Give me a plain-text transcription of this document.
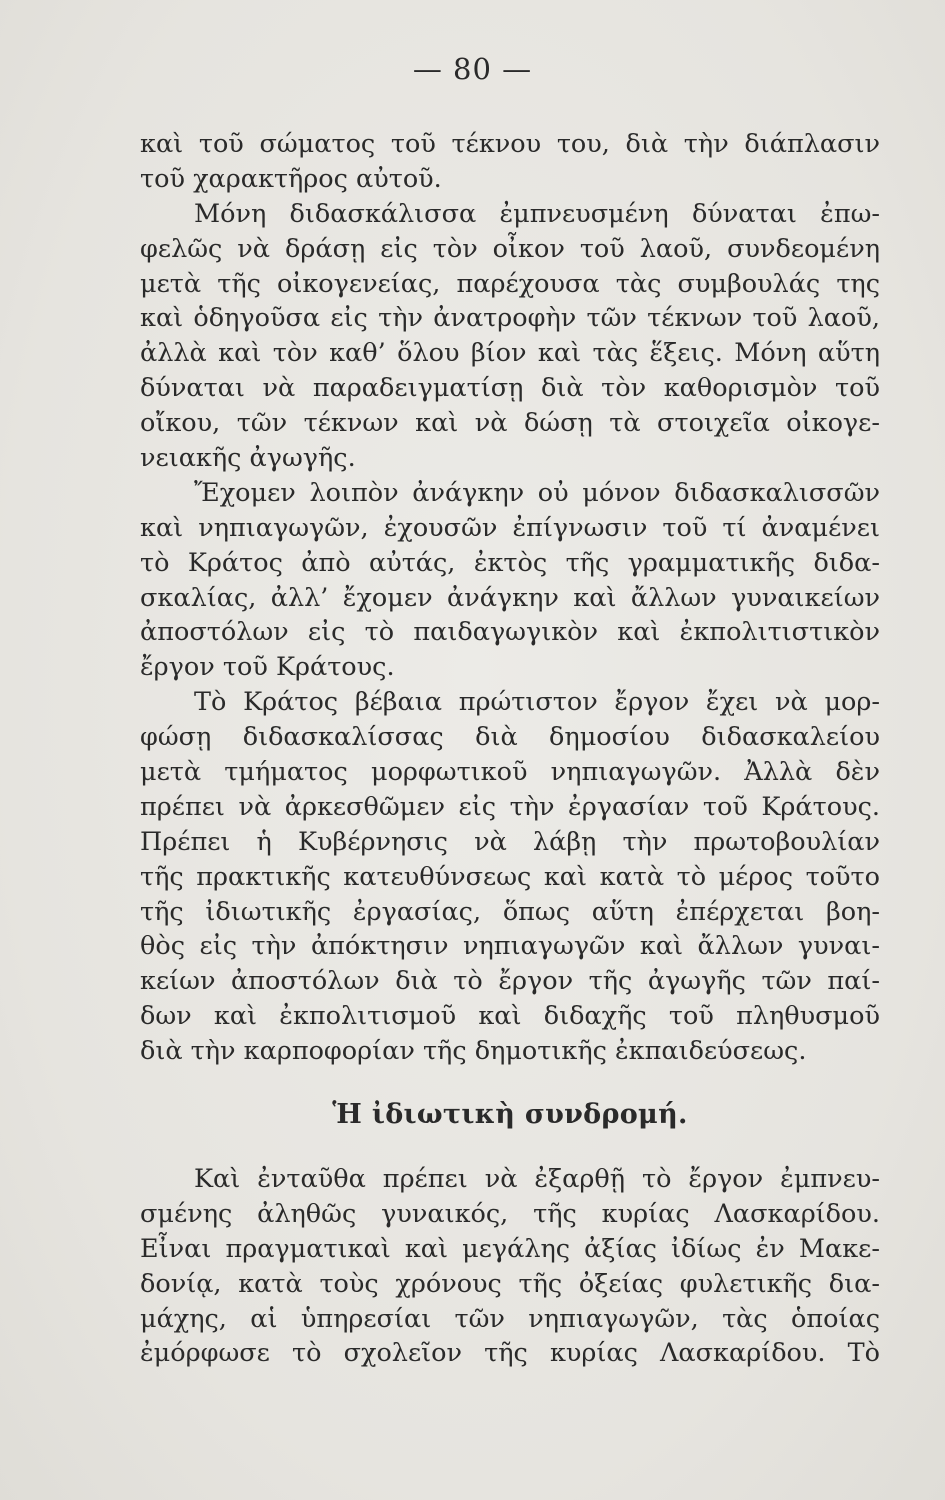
— 80 —
καὶ τοῦ σώματος τοῦ τέκνου του, διὰ τὴν διάπλασιν
τοῦ χαρακτῆρος αὐτοῦ.
Μόνη διδασκάλισσα ἐμπνευσμένη δύναται ἐπω-
φελῶς νὰ δράσῃ εἰς τὸν οἶκον τοῦ λαοῦ, συνδεομένη
μετὰ τῆς οἰκογενείας, παρέχουσα τὰς συμβουλάς της
καὶ ὁδηγοῦσα εἰς τὴν ἀνατροφὴν τῶν τέκνων τοῦ λαοῦ,
ἀλλὰ καὶ τὸν καθ’ ὅλου βίον καὶ τὰς ἕξεις. Μόνη αὕτη
δύναται νὰ παραδειγματίσῃ διὰ τὸν καθορισμὸν τοῦ
οἴκου, τῶν τέκνων καὶ νὰ δώσῃ τὰ στοιχεῖα οἰκογε-
νειακῆς ἀγωγῆς.
Ἔχομεν λοιπὸν ἀνάγκην οὐ μόνον διδασκαλισσῶν
καὶ νηπιαγωγῶν, ἐχουσῶν ἐπίγνωσιν τοῦ τί ἀναμένει
τὸ Κράτος ἀπὸ αὐτάς, ἐκτὸς τῆς γραμματικῆς διδα-
σκαλίας, ἀλλ’ ἔχομεν ἀνάγκην καὶ ἄλλων γυναικείων
ἀποστόλων εἰς τὸ παιδαγωγικὸν καὶ ἐκπολιτιστικὸν
ἔργον τοῦ Κράτους.
Τὸ Κράτος βέβαια πρώτιστον ἔργον ἔχει νὰ μορ-
φώσῃ διδασκαλίσσας διὰ δημοσίου διδασκαλείου
μετὰ τμήματος μορφωτικοῦ νηπιαγωγῶν. Ἀλλὰ δὲν
πρέπει νὰ ἀρκεσθῶμεν εἰς τὴν ἐργασίαν τοῦ Κράτους.
Πρέπει ἡ Κυβέρνησις νὰ λάβῃ τὴν πρωτοβουλίαν
τῆς πρακτικῆς κατευθύνσεως καὶ κατὰ τὸ μέρος τοῦτο
τῆς ἰδιωτικῆς ἐργασίας, ὅπως αὕτη ἐπέρχεται βοη-
θὸς εἰς τὴν ἀπόκτησιν νηπιαγωγῶν καὶ ἄλλων γυναι-
κείων ἀποστόλων διὰ τὸ ἔργον τῆς ἀγωγῆς τῶν παί-
δων καὶ ἐκπολιτισμοῦ καὶ διδαχῆς τοῦ πληθυσμοῦ
διὰ τὴν καρποφορίαν τῆς δημοτικῆς ἐκπαιδεύσεως.
Ἡ ἰδιωτικὴ συνδρομή.
Καὶ ἐνταῦθα πρέπει νὰ ἐξαρθῇ τὸ ἔργον ἐμπνευ-
σμένης ἀληθῶς γυναικός, τῆς κυρίας Λασκαρίδου.
Εἶναι πραγματικαὶ καὶ μεγάλης ἀξίας ἰδίως ἐν Μακε-
δονίᾳ, κατὰ τοὺς χρόνους τῆς ὀξείας φυλετικῆς δια-
μάχης, αἱ ὑπηρεσίαι τῶν νηπιαγωγῶν, τὰς ὁποίας
ἐμόρφωσε τὸ σχολεῖον τῆς κυρίας Λασκαρίδου. Τὸ
